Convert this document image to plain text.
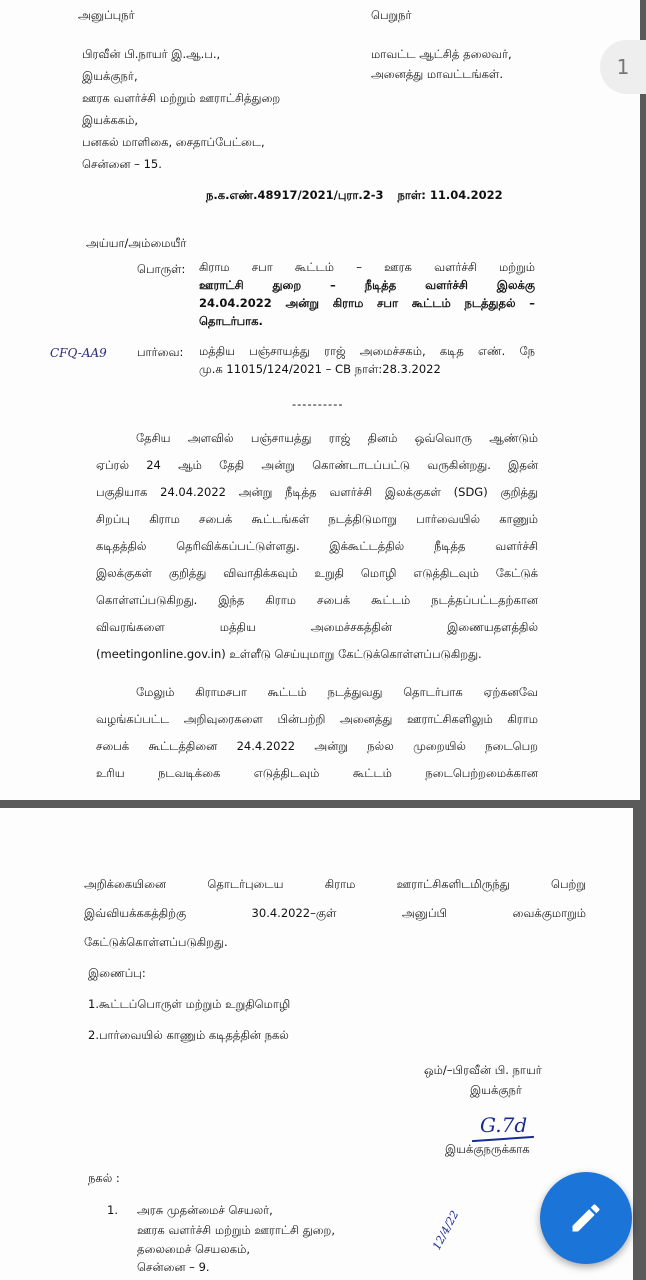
அனுப்புநர்	பெறுநர்
பிரவீன் பி.நாயர் இ.ஆ.ப.,
இயக்குநர்,
ஊரக வளர்ச்சி மற்றும் ஊராட்சித்துறை
இயக்ககம்,
பனகல் மாளிகை, சைதாப்பேட்டை,
சென்னை – 15.
மாவட்ட ஆட்சித் தலைவர்,
அனைத்து மாவட்டங்கள்.
ந.க.எண்.48917/2021/புரா.2-3 நாள்: 11.04.2022
அய்யா/அம்மையீர்
பொருள்: கிராம சபா கூட்டம் – ஊரக வளர்ச்சி மற்றும்
ஊராட்சி துறை – நீடித்த வளர்ச்சி இலக்கு
24.04.2022 அன்று கிராம சபா கூட்டம் நடத்துதல் –
தொடர்பாக.
CFQ-AA9	பார்வை: மத்திய பஞ்சாயத்து ராஜ் அமைச்சகம், கடித எண். நே
மு.க 11015/124/2021 – CB நாள்:28.3.2022
----------
தேசிய அளவில் பஞ்சாயத்து ராஜ் தினம் ஒவ்வொரு ஆண்டும்
ஏப்ரல் 24 ஆம் தேதி அன்று கொண்டாடப்பட்டு வருகின்றது. இதன்
பகுதியாக 24.04.2022 அன்று நீடித்த வளர்ச்சி இலக்குகள் (SDG) குறித்து
சிறப்பு கிராம சபைக் கூட்டங்கள் நடத்திடுமாறு பார்வையில் காணும்
கடிதத்தில் தெரிவிக்கப்பட்டுள்ளது. இக்கூட்டத்தில் நீடித்த வளர்ச்சி
இலக்குகள் குறித்து விவாதிக்கவும் உறுதி மொழி எடுத்திடவும் கேட்டுக்
கொள்ளப்படுகிறது. இந்த கிராம சபைக் கூட்டம் நடத்தப்பட்டதற்கான
விவரங்களை மத்திய அமைச்சகத்தின் இணையதளத்தில்
(meetingonline.gov.in) உள்ளீடு செய்யுமாறு கேட்டுக்கொள்ளப்படுகிறது.
மேலும் கிராமசபா கூட்டம் நடத்துவது தொடர்பாக ஏற்கனவே
வழங்கப்பட்ட அறிவுரைகளை பின்பற்றி அனைத்து ஊராட்சிகளிலும் கிராம
சபைக் கூட்டத்தினை 24.4.2022 அன்று நல்ல முறையில் நடைபெற
உரிய நடவடிக்கை எடுத்திடவும் கூட்டம் நடைபெற்றமைக்கான
1
அறிக்கையினை தொடர்புடைய கிராம ஊராட்சிகளிடமிருந்து பெற்று
இவ்வியக்ககத்திற்கு 30.4.2022–குள் அனுப்பி வைக்குமாறும்
கேட்டுக்கொள்ளப்படுகிறது.
இணைப்பு:
1.கூட்டப்பொருள் மற்றும் உறுதிமொழி
2.பார்வையில் காணும் கடிதத்தின் நகல்
ஒம்/–பிரவீன் பி. நாயர்
இயக்குநர்
G.7d
இயக்குநருக்காக
நகல் :
1. அரசு முதன்மைச் செயலர்,
ஊரக வளர்ச்சி மற்றும் ஊராட்சி துறை,
தலைமைச் செயலகம்,
சென்னை – 9.
12/4/22
